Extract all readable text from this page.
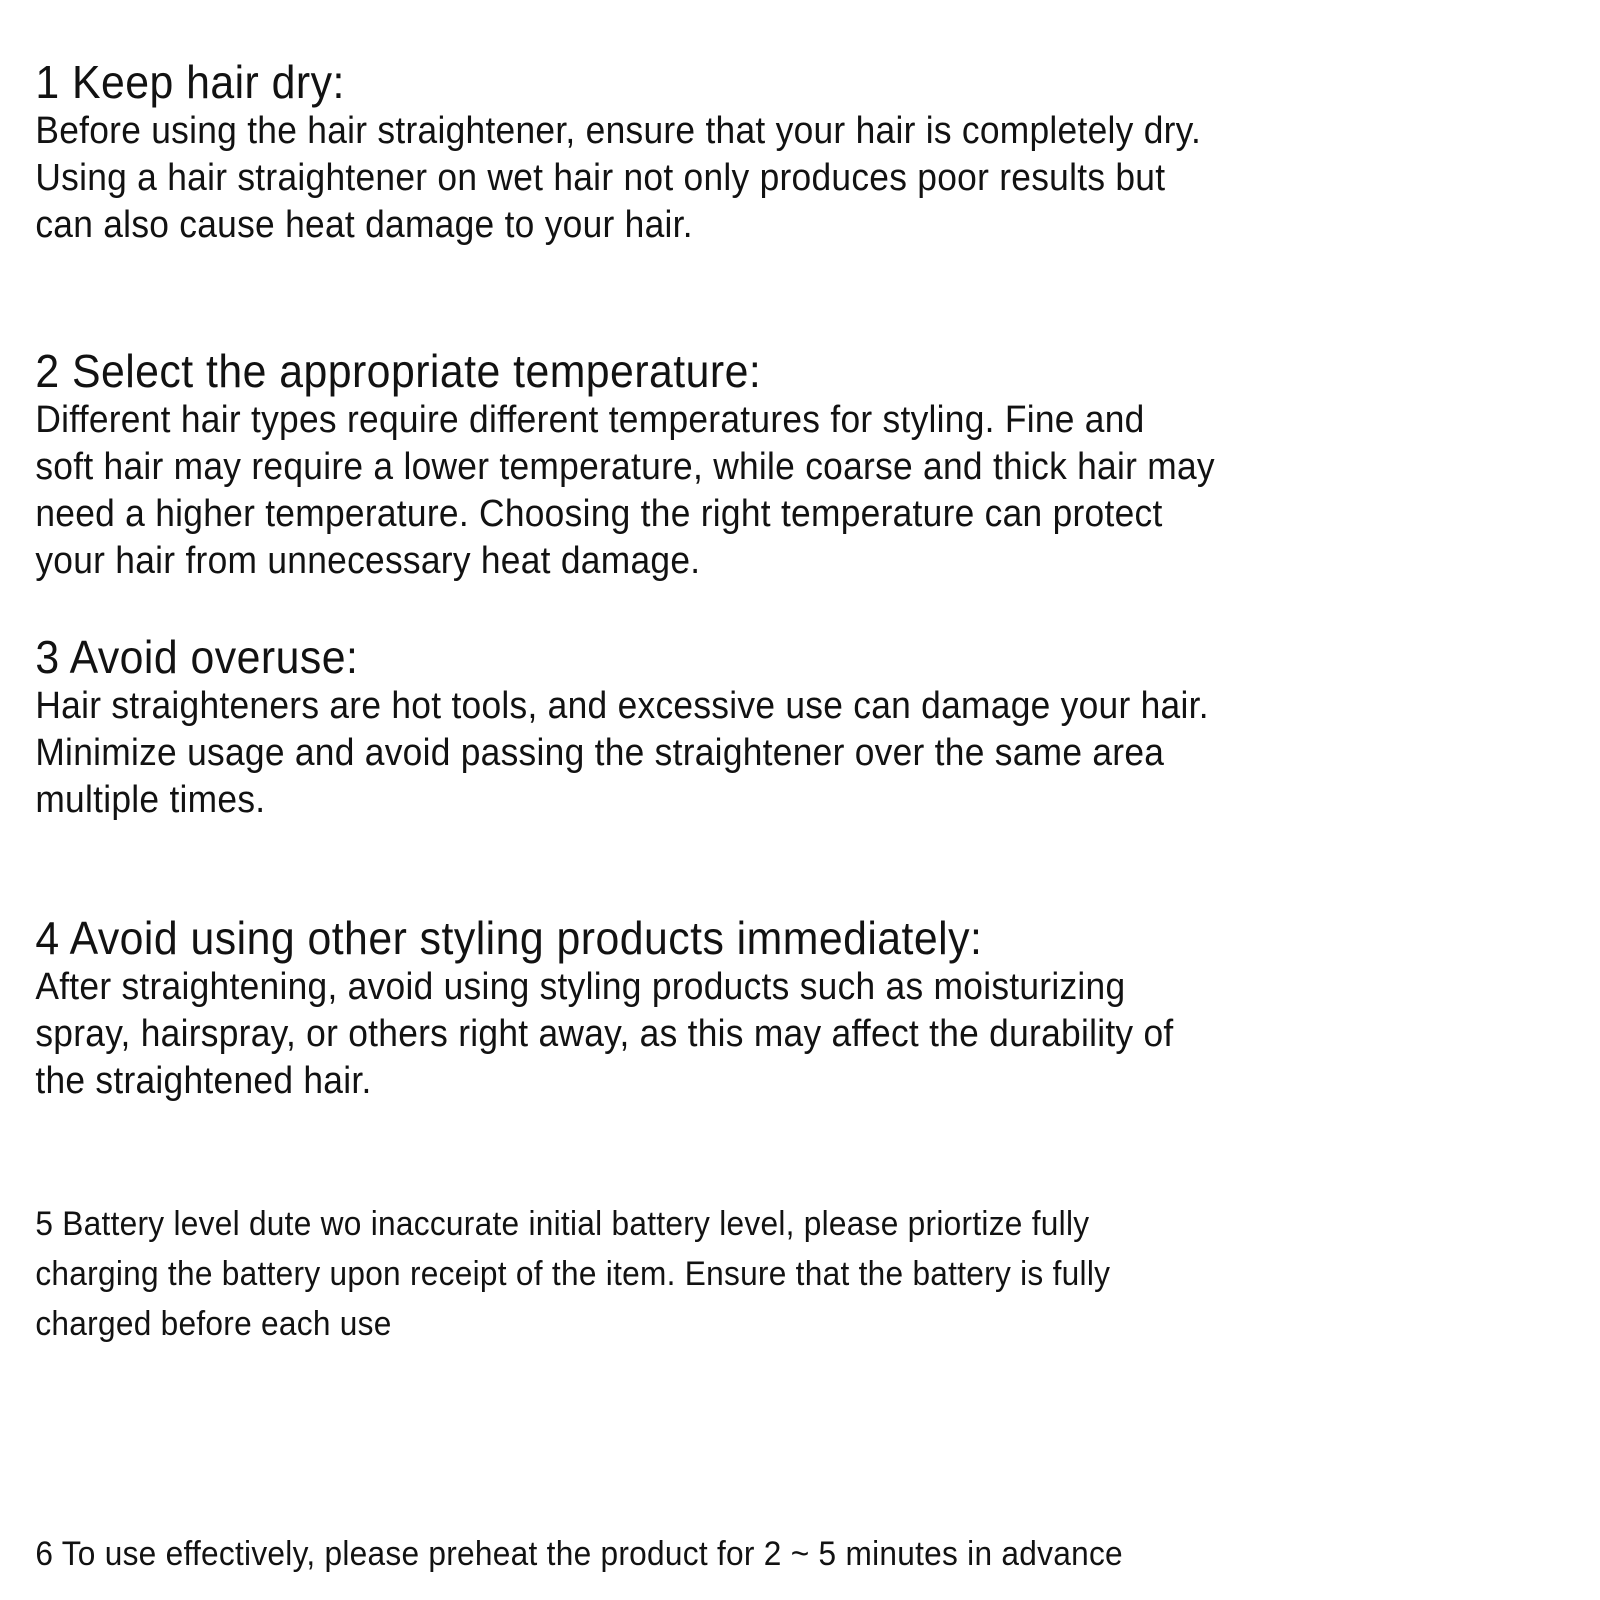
1 Keep hair dry:
Before using the hair straightener, ensure that your hair is completely dry.
Using a hair straightener on wet hair not only produces poor results but
can also cause heat damage to your hair.
2 Select the appropriate temperature:
Different hair types require different temperatures for styling. Fine and
soft hair may require a lower temperature, while coarse and thick hair may
need a higher temperature. Choosing the right temperature can protect
your hair from unnecessary heat damage.
3 Avoid overuse:
Hair straighteners are hot tools, and excessive use can damage your hair.
Minimize usage and avoid passing the straightener over the same area
multiple times.
4 Avoid using other styling products immediately:
After straightening, avoid using styling products such as moisturizing
spray, hairspray, or others right away, as this may affect the durability of
the straightened hair.
5 Battery level dute wo inaccurate initial battery level, please priortize fully
charging the battery upon receipt of the item. Ensure that the battery is fully
charged before each use
6 To use effectively, please preheat the product for 2 ~ 5 minutes in advance
